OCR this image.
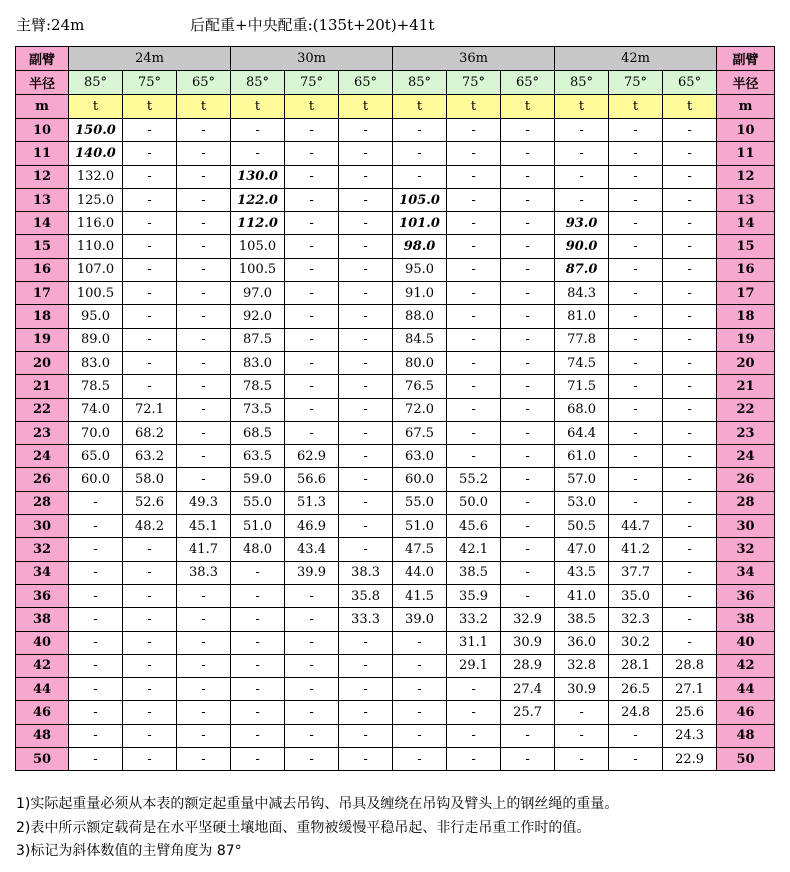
主臂:24m	后配重+中央配重:(135t+20t)+41t
副臂	24m			30m			36m			42m			副臂
半径	85°	75°	65°	85°	75°	65°	85°	75°	65°	85°	75°	65°	半径
m	t	t	t	t	t	t	t	t	t	t	t	t	m
10	150.0	-	-	-	-	-	-	-	-	-	-	-	10
11	140.0	-	-	-	-	-	-	-	-	-	-	-	11
12	132.0	-	-	130.0	-	-	-	-	-	-	-	-	12
13	125.0	-	-	122.0	-	-	105.0	-	-	-	-	-	13
14	116.0	-	-	112.0	-	-	101.0	-	-	93.0	-	-	14
15	110.0	-	-	105.0	-	-	98.0	-	-	90.0	-	-	15
16	107.0	-	-	100.5	-	-	95.0	-	-	87.0	-	-	16
17	100.5	-	-	97.0	-	-	91.0	-	-	84.3	-	-	17
18	95.0	-	-	92.0	-	-	88.0	-	-	81.0	-	-	18
19	89.0	-	-	87.5	-	-	84.5	-	-	77.8	-	-	19
20	83.0	-	-	83.0	-	-	80.0	-	-	74.5	-	-	20
21	78.5	-	-	78.5	-	-	76.5	-	-	71.5	-	-	21
22	74.0	72.1	-	73.5	-	-	72.0	-	-	68.0	-	-	22
23	70.0	68.2	-	68.5	-	-	67.5	-	-	64.4	-	-	23
24	65.0	63.2	-	63.5	62.9	-	63.0	-	-	61.0	-	-	24
26	60.0	58.0	-	59.0	56.6	-	60.0	55.2	-	57.0	-	-	26
28	-	52.6	49.3	55.0	51.3	-	55.0	50.0	-	53.0	-	-	28
30	-	48.2	45.1	51.0	46.9	-	51.0	45.6	-	50.5	44.7	-	30
32	-	-	41.7	48.0	43.4	-	47.5	42.1	-	47.0	41.2	-	32
34	-	-	38.3	-	39.9	38.3	44.0	38.5	-	43.5	37.7	-	34
36	-	-	-	-	-	35.8	41.5	35.9	-	41.0	35.0	-	36
38	-	-	-	-	-	33.3	39.0	33.2	32.9	38.5	32.3	-	38
40	-	-	-	-	-	-	-	31.1	30.9	36.0	30.2	-	40
42	-	-	-	-	-	-	-	29.1	28.9	32.8	28.1	28.8	42
44	-	-	-	-	-	-	-	-	27.4	30.9	26.5	27.1	44
46	-	-	-	-	-	-	-	-	25.7	-	24.8	25.6	46
48	-	-	-	-	-	-	-	-	-	-	-	24.3	48
50	-	-	-	-	-	-	-	-	-	-	-	22.9	50
1)实际起重量必须从本表的额定起重量中减去吊钩、吊具及缠绕在吊钩及臂头上的钢丝绳的重量。
2)表中所示额定载荷是在水平坚硬土壤地面、重物被缓慢平稳吊起、非行走吊重工作时的值。
3)标记为斜体数值的主臂角度为 87°
